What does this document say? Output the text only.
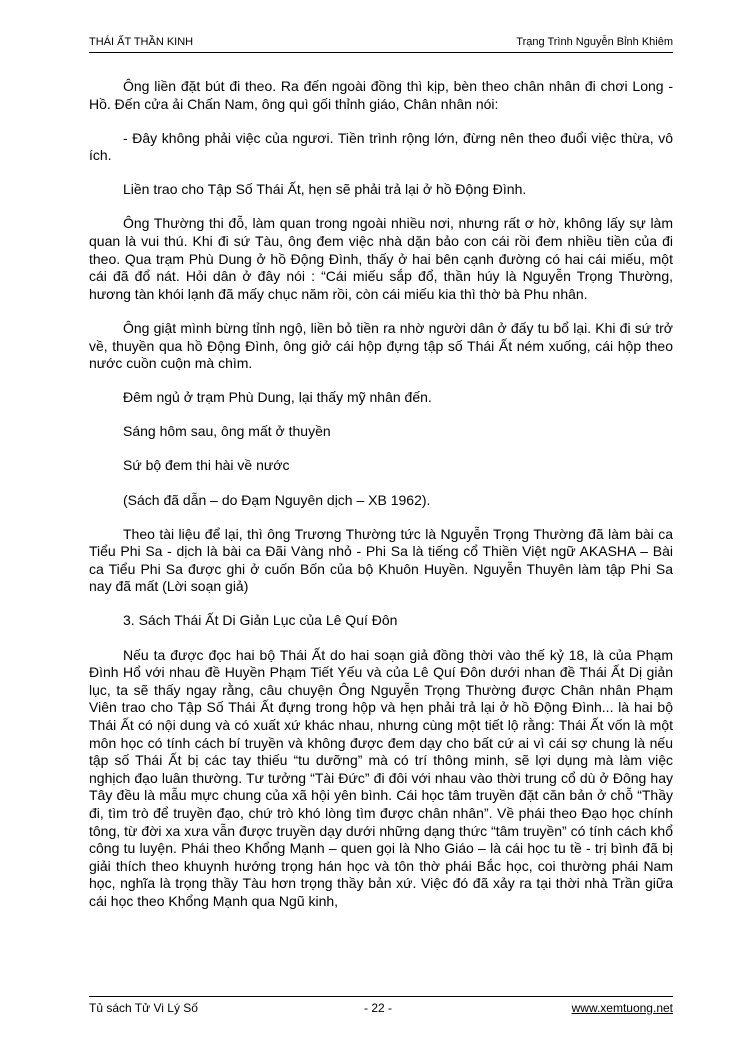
THÁI ẤT THẦN KINH	Trạng Trình Nguyễn Bỉnh Khiêm

Ông liền đặt bút đi theo. Ra đến ngoài đồng thì kịp, bèn theo chân nhân đi chơi Long - Hồ. Đến cửa ải Chấn Nam, ông quì gối thỉnh giáo, Chân nhân nói:

- Đây không phải việc của ngươi. Tiền trình rộng lớn, đừng nên theo đuổi việc thừa, vô ích.

Liền trao cho Tập Số Thái Ất, hẹn sẽ phải trả lại ở hồ Động Đình.

Ông Thường thi đỗ, làm quan trong ngoài nhiều nơi, nhưng rất ơ hờ, không lấy sự làm quan là vui thú. Khi đi sứ Tàu, ông đem việc nhà dặn bảo con cái rồi đem nhiều tiền của đi theo. Qua trạm Phù Dung ở hồ Động Đình, thấy ở hai bên cạnh đường có hai cái miếu, một cái đã đổ nát. Hỏi dân ở đây nói : “Cái miếu sắp đổ, thần húy là Nguyễn Trọng Thường, hương tàn khói lạnh đã mấy chục năm rồi, còn cái miếu kia thì thờ bà Phu nhân.

Ông giật mình bừng tỉnh ngộ, liền bỏ tiền ra nhờ người dân ở đấy tu bổ lại. Khi đi sứ trở về, thuyền qua hồ Động Đình, ông giở cái hộp đựng tập số Thái Ất ném xuống, cái hộp theo nước cuồn cuộn mà chìm.

Đêm ngủ ở trạm Phù Dung, lại thấy mỹ nhân đến.

Sáng hôm sau, ông mất ở thuyền

Sứ bộ đem thi hài về nước

(Sách đã dẫn – do Đạm Nguyên dịch – XB 1962).

Theo tài liệu để lại, thì ông Trương Thường tức là Nguyễn Trọng Thường đã làm bài ca Tiểu Phi Sa - dịch là bài ca Đãi Vàng nhỏ - Phi Sa là tiếng cổ Thiền Việt ngữ AKASHA – Bài ca Tiểu Phi Sa được ghi ở cuốn Bốn của bộ Khuôn Huyền. Nguyễn Thuyên làm tập Phi Sa nay đã mất (Lời soạn giả)

3. Sách Thái Ất Di Giản Lục của Lê Quí Đôn

Nếu ta được đọc hai bộ Thái Ất do hai soạn giả đồng thời vào thế kỷ 18, là của Phạm Đình Hổ với nhau đề Huyền Phạm Tiết Yếu và của Lê Quí Đôn dưới nhan đề Thái Ất Dị giản lục, ta sẽ thấy ngay rằng, câu chuyện Ông Nguyễn Trọng Thường được Chân nhân Phạm Viên trao cho Tập Số Thái Ất đựng trong hộp và hẹn phải trả lại ở hồ Động Đình... là hai bộ Thái Ất có nội dung và có xuất xứ khác nhau, nhưng cùng một tiết lộ rằng: Thái Ất vốn là một môn học có tính cách bí truyền và không được đem dạy cho bất cứ ai vì cái sợ chung là nếu tập số Thái Ất bị các tay thiếu “tu dưỡng” mà có trí thông minh, sẽ lợi dụng mà làm việc nghịch đạo luân thường. Tư tưởng “Tài Đức” đi đôi với nhau vào thời trung cổ dù ở Đông hay Tây đều là mẫu mực chung của xã hội yên bình. Cái học tâm truyền đặt căn bản ở chỗ “Thầy đi, tìm trò để truyền đạo, chứ trò khó lòng tìm được chân nhân”. Về phái theo Đạo học chính tông, từ đời xa xưa vẫn được truyền dạy dưới những dạng thức “tâm truyền” có tính cách khổ công tu luyện. Phái theo Khổng Mạnh – quen gọi là Nho Giáo – là cái học tu tề - trị bình đã bị giải thích theo khuynh hướng trọng hán học và tôn thờ phái Bắc học, coi thường phái Nam học, nghĩa là trọng thầy Tàu hơn trọng thầy bản xứ. Việc đó đã xảy ra tại thời nhà Trần giữa cái học theo Khổng Mạnh qua Ngũ kinh,

Tủ sách Tử Vi Lý Số	- 22 -	www.xemtuong.net
